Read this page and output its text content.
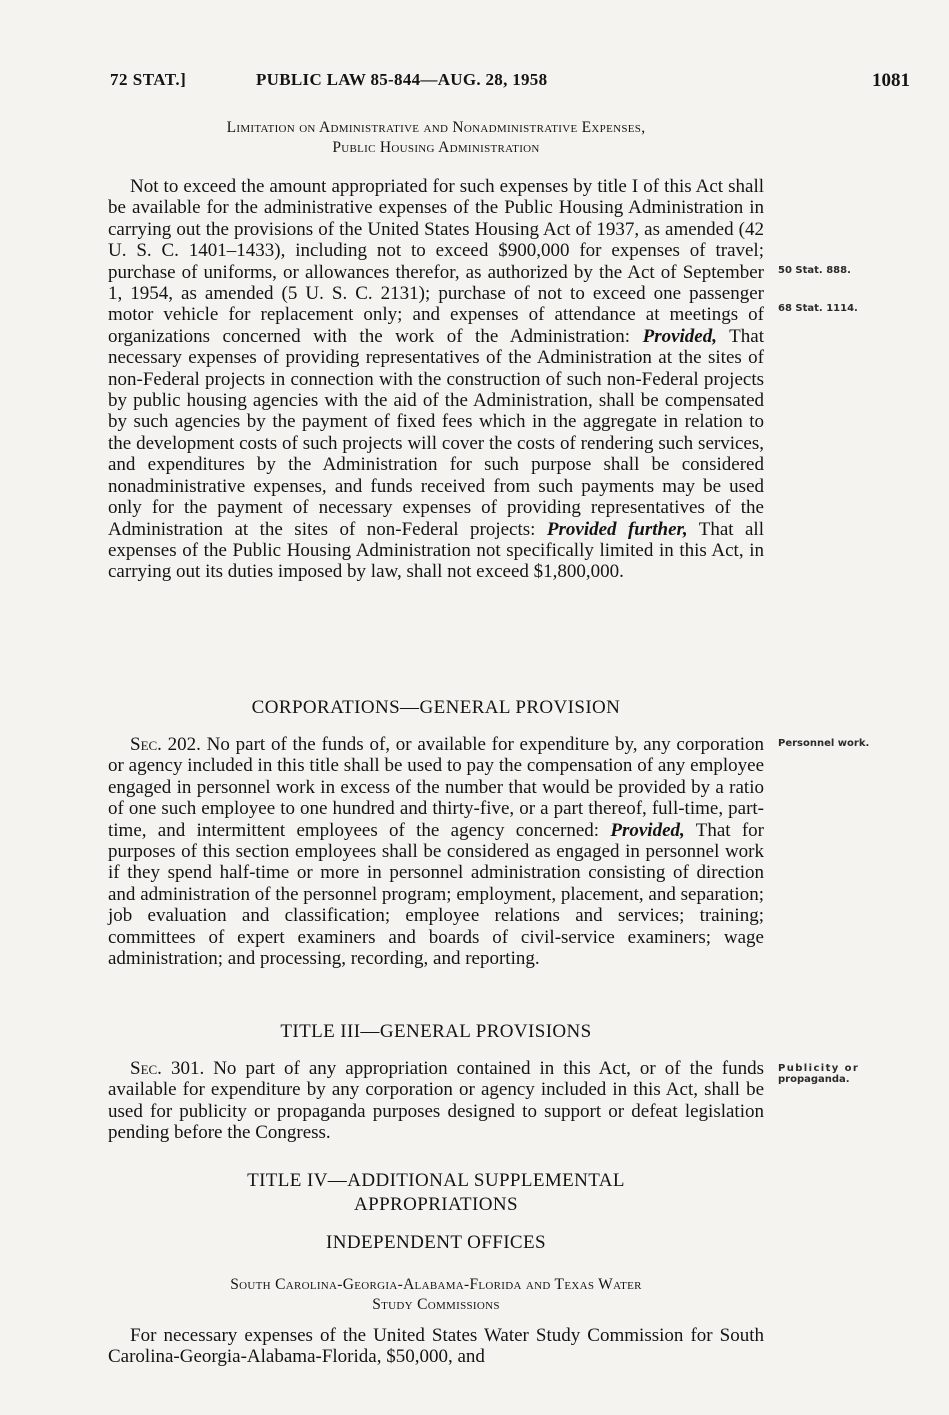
72 STAT.]	PUBLIC LAW 85-844—AUG. 28, 1958	1081

Limitation on Administrative and Nonadministrative Expenses,

Public Housing Administration

Not to exceed the amount appropriated for such expenses by title I of this Act shall be available for the administrative expenses of the Public Housing Administration in carrying out the provisions of the United States Housing Act of 1937, as amended (42 U. S. C. 1401–1433), including not to exceed $900,000 for expenses of travel; purchase of uniforms, or allowances therefor, as authorized by the Act of September 1, 1954, as amended (5 U. S. C. 2131); purchase of not to exceed one passenger motor vehicle for replacement only; and expenses of attendance at meetings of organizations concerned with the work of the Administration: Provided, That necessary expenses of providing representatives of the Administration at the sites of non-Federal projects in connection with the construction of such non-Federal projects by public housing agencies with the aid of the Administration, shall be compensated by such agencies by the payment of fixed fees which in the aggregate in relation to the development costs of such projects will cover the costs of rendering such services, and expenditures by the Administration for such purpose shall be considered nonadministrative expenses, and funds received from such payments may be used only for the payment of necessary expenses of providing representatives of the Administration at the sites of non-Federal projects: Provided further, That all expenses of the Public Housing Administration not specifically limited in this Act, in carrying out its duties imposed by law, shall not exceed $1,800,000.

CORPORATIONS—GENERAL PROVISION

Sec. 202. No part of the funds of, or available for expenditure by, any corporation or agency included in this title shall be used to pay the compensation of any employee engaged in personnel work in excess of the number that would be provided by a ratio of one such employee to one hundred and thirty-five, or a part thereof, full-time, part-time, and intermittent employees of the agency concerned: Provided, That for purposes of this section employees shall be considered as engaged in personnel work if they spend half-time or more in personnel administration consisting of direction and administration of the personnel program; employment, placement, and separation; job evaluation and classification; employee relations and services; training; committees of expert examiners and boards of civil-service examiners; wage administration; and processing, recording, and reporting.

TITLE III—GENERAL PROVISIONS

Sec. 301. No part of any appropriation contained in this Act, or of the funds available for expenditure by any corporation or agency included in this Act, shall be used for publicity or propaganda purposes designed to support or defeat legislation pending before the Congress.

TITLE IV—ADDITIONAL SUPPLEMENTAL

APPROPRIATIONS

INDEPENDENT OFFICES

South Carolina-Georgia-Alabama-Florida and Texas Water

Study Commissions

For necessary expenses of the United States Water Study Commission for South Carolina-Georgia-Alabama-Florida, $50,000, and

50 Stat. 888.
68 Stat. 1114.
Personnel work.
Publicity or
propaganda.
